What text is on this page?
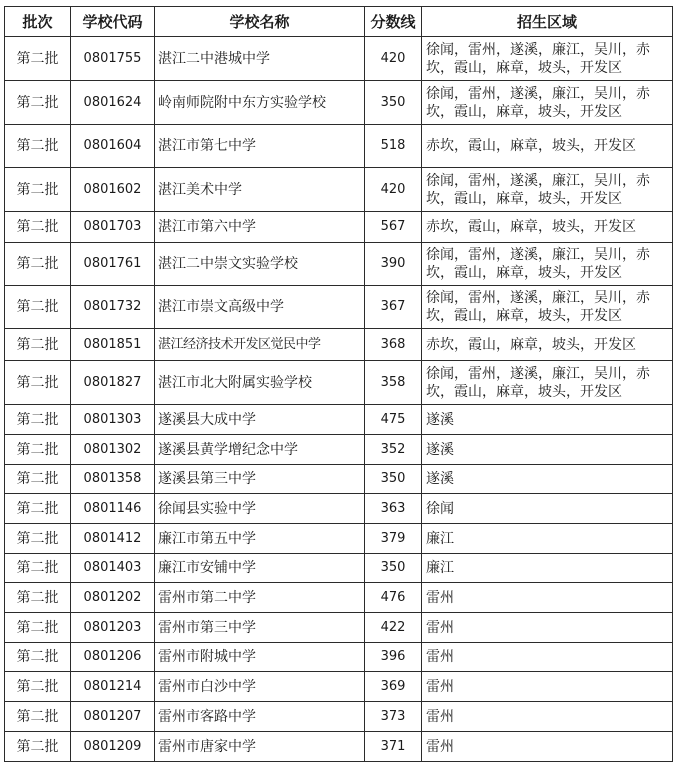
批次	学校代码	学校名称	分数线	招生区域
第二批	0801755	湛江二中港城中学	420	徐闻，雷州，遂溪，廉江，吴川，赤坎，霞山，麻章，坡头，开发区
第二批	0801624	岭南师院附中东方实验学校	350	徐闻，雷州，遂溪，廉江，吴川，赤坎，霞山，麻章，坡头，开发区
第二批	0801604	湛江市第七中学	518	赤坎，霞山，麻章，坡头，开发区
第二批	0801602	湛江美术中学	420	徐闻，雷州，遂溪，廉江，吴川，赤坎，霞山，麻章，坡头，开发区
第二批	0801703	湛江市第六中学	567	赤坎，霞山，麻章，坡头，开发区
第二批	0801761	湛江二中崇文实验学校	390	徐闻，雷州，遂溪，廉江，吴川，赤坎，霞山，麻章，坡头，开发区
第二批	0801732	湛江市崇文高级中学	367	徐闻，雷州，遂溪，廉江，吴川，赤坎，霞山，麻章，坡头，开发区
第二批	0801851	湛江经济技术开发区觉民中学	368	赤坎，霞山，麻章，坡头，开发区
第二批	0801827	湛江市北大附属实验学校	358	徐闻，雷州，遂溪，廉江，吴川，赤坎，霞山，麻章，坡头，开发区
第二批	0801303	遂溪县大成中学	475	遂溪
第二批	0801302	遂溪县黄学增纪念中学	352	遂溪
第二批	0801358	遂溪县第三中学	350	遂溪
第二批	0801146	徐闻县实验中学	363	徐闻
第二批	0801412	廉江市第五中学	379	廉江
第二批	0801403	廉江市安铺中学	350	廉江
第二批	0801202	雷州市第二中学	476	雷州
第二批	0801203	雷州市第三中学	422	雷州
第二批	0801206	雷州市附城中学	396	雷州
第二批	0801214	雷州市白沙中学	369	雷州
第二批	0801207	雷州市客路中学	373	雷州
第二批	0801209	雷州市唐家中学	371	雷州
